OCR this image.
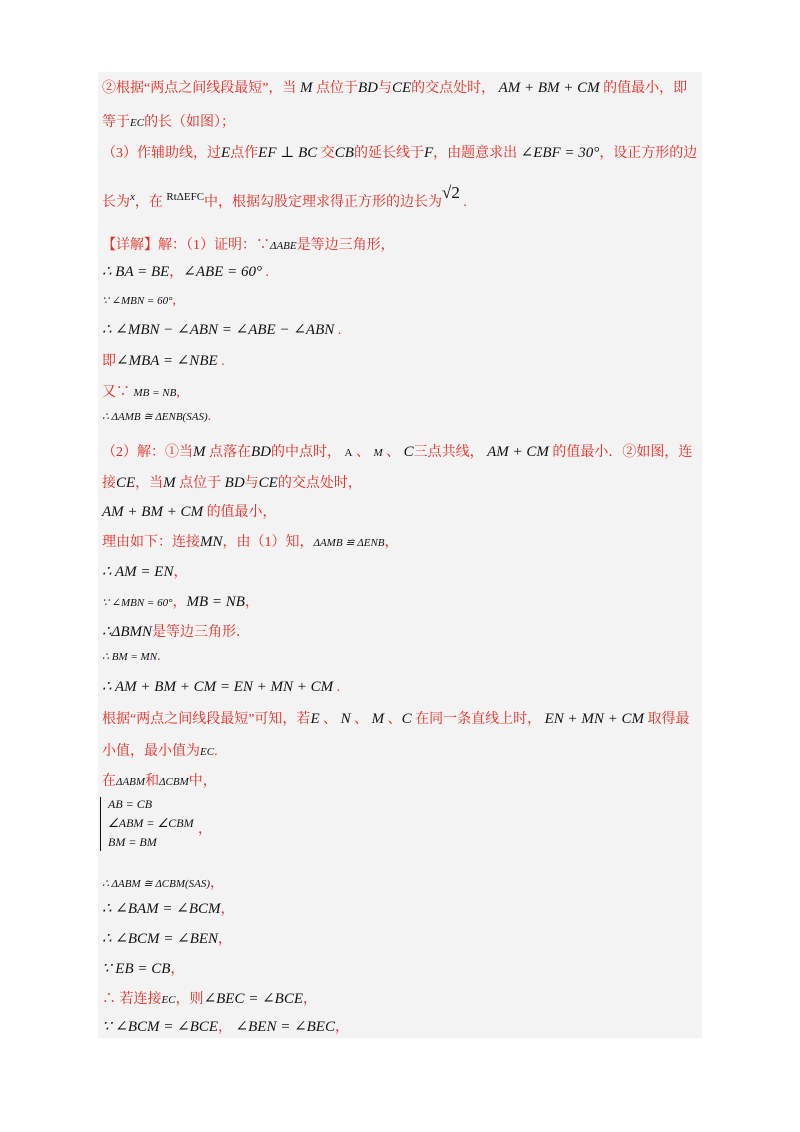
②根据“两点之间线段最短”，当 M 点位于BD与CE的交点处时， AM + BM + CM 的值最小，即
等于EC的长（如图）；
（3）作辅助线，过E点作EF ⊥ BC 交CB的延长线于F，由题意求出 ∠EBF = 30°，设正方形的边
长为$^x$，在 $^{Rt\Delta EFC}$中，根据勾股定理求得正方形的边长为√2 .
【详解】解：（1）证明：∵ΔABE是等边三角形，
∴ BA = BE，∠ABE = 60° .
∵ ∠MBN = 60°,
∴ ∠MBN − ∠ABN = ∠ABE − ∠ABN .
即∠MBA = ∠NBE .
又∵ MB = NB,
∴ ΔAMB ≅ ΔENB(SAS).
（2）解：①当M 点落在BD的中点时， A 、 M 、 C三点共线， AM + CM 的值最小．②如图，连
接CE，当M 点位于 BD与CE的交点处时，
AM + BM + CM 的值最小，
理由如下：连接MN，由（1）知，ΔAMB ≌ ΔENB，
∴ AM = EN，
∵ ∠MBN = 60°，MB = NB，
∴ΔBMN是等边三角形．
∴ BM = MN.
∴ AM + BM + CM = EN + MN + CM .
根据“两点之间线段最短”可知，若E 、 N 、 M 、C 在同一条直线上时， EN + MN + CM 取得最
小值，最小值为EC.
在ΔABM和ΔCBM中，
AB = CB
∠ABM = ∠CBM
BM = BM
，
∴ ΔABM ≅ ΔCBM(SAS)，
∴ ∠BAM = ∠BCM，
∴ ∠BCM = ∠BEN，
∵ EB = CB，
∴ 若连接EC，则∠BEC = ∠BCE，
∵ ∠BCM = ∠BCE， ∠BEN = ∠BEC，
